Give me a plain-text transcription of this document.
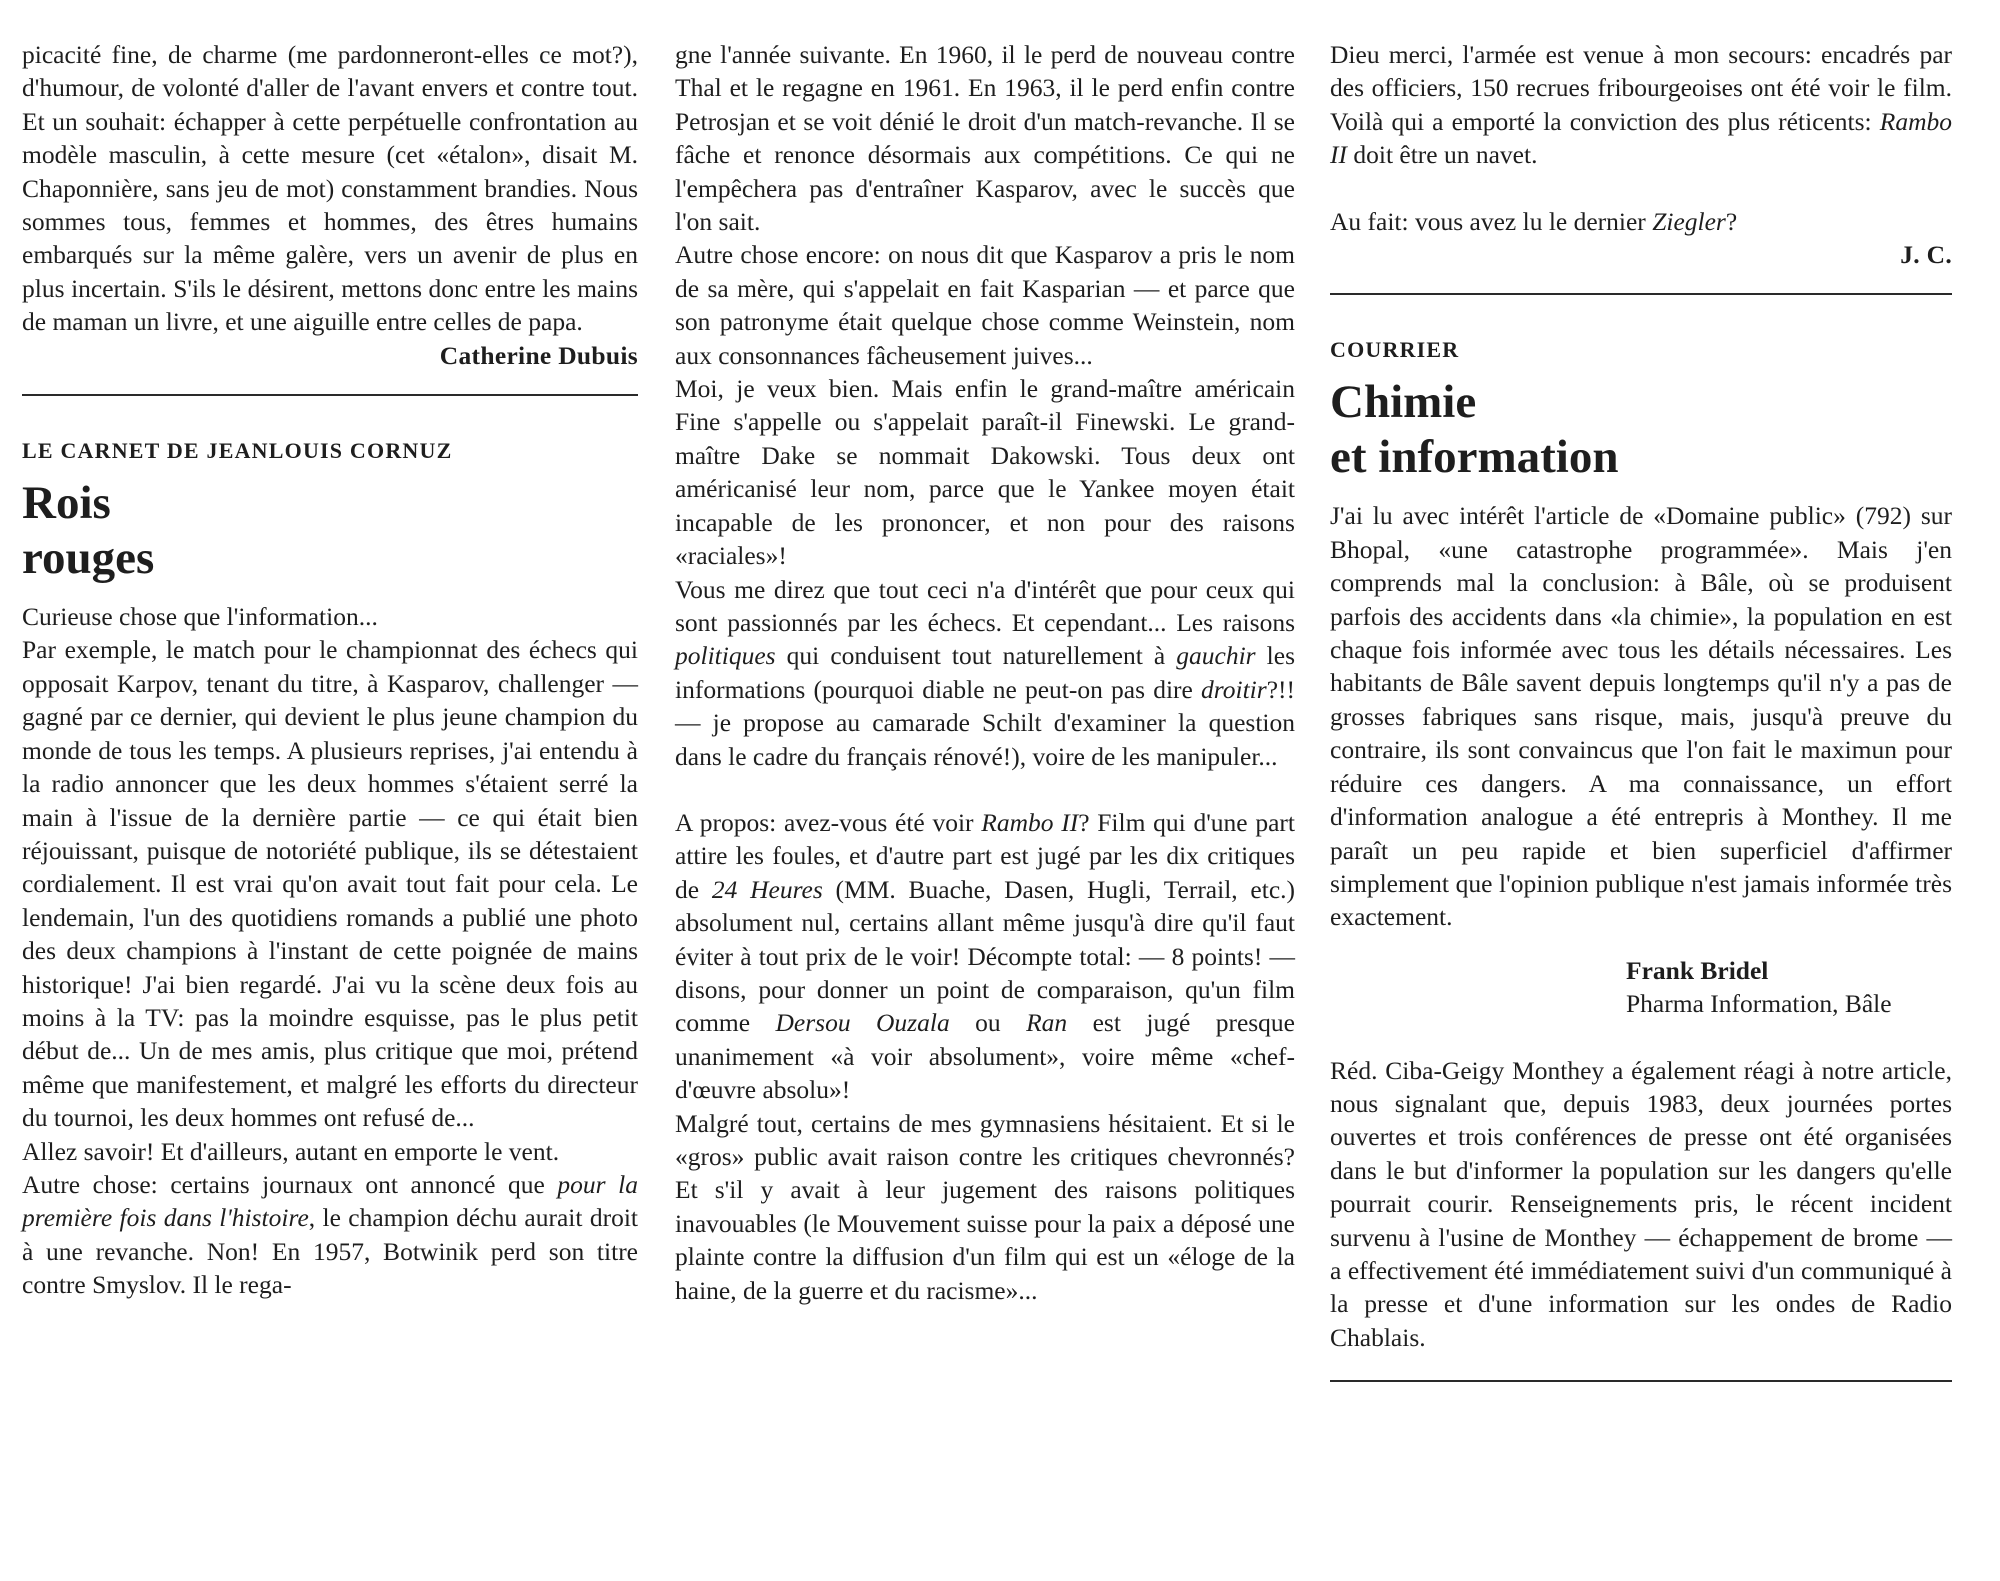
picacité fine, de charme (me pardonneront-elles ce mot?), d'humour, de volonté d'aller de l'avant envers et contre tout. Et un souhait: échapper à cette perpétuelle confrontation au modèle masculin, à cette mesure (cet «étalon», disait M. Chaponnière, sans jeu de mot) constamment brandies. Nous sommes tous, femmes et hommes, des êtres humains embarqués sur la même galère, vers un avenir de plus en plus incertain. S'ils le désirent, mettons donc entre les mains de maman un livre, et une aiguille entre celles de papa.

Catherine Dubuis

LE CARNET DE JEANLOUIS CORNUZ

Rois
rouges

Curieuse chose que l'information...

Par exemple, le match pour le championnat des échecs qui opposait Karpov, tenant du titre, à Kasparov, challenger — gagné par ce dernier, qui devient le plus jeune champion du monde de tous les temps. A plusieurs reprises, j'ai entendu à la radio annoncer que les deux hommes s'étaient serré la main à l'issue de la dernière partie — ce qui était bien réjouissant, puisque de notoriété publique, ils se détestaient cordialement. Il est vrai qu'on avait tout fait pour cela. Le lendemain, l'un des quotidiens romands a publié une photo des deux champions à l'instant de cette poignée de mains historique! J'ai bien regardé. J'ai vu la scène deux fois au moins à la TV: pas la moindre esquisse, pas le plus petit début de... Un de mes amis, plus critique que moi, prétend même que manifestement, et malgré les efforts du directeur du tournoi, les deux hommes ont refusé de...

Allez savoir! Et d'ailleurs, autant en emporte le vent.

Autre chose: certains journaux ont annoncé que pour la première fois dans l'histoire, le champion déchu aurait droit à une revanche. Non! En 1957, Botwinik perd son titre contre Smyslov. Il le rega-

gne l'année suivante. En 1960, il le perd de nouveau contre Thal et le regagne en 1961. En 1963, il le perd enfin contre Petrosjan et se voit dénié le droit d'un match-revanche. Il se fâche et renonce désormais aux compétitions. Ce qui ne l'empêchera pas d'entraîner Kasparov, avec le succès que l'on sait.

Autre chose encore: on nous dit que Kasparov a pris le nom de sa mère, qui s'appelait en fait Kasparian — et parce que son patronyme était quelque chose comme Weinstein, nom aux consonnances fâcheusement juives...

Moi, je veux bien. Mais enfin le grand-maître américain Fine s'appelle ou s'appelait paraît-il Finewski. Le grand-maître Dake se nommait Dakowski. Tous deux ont américanisé leur nom, parce que le Yankee moyen était incapable de les prononcer, et non pour des raisons «raciales»!

Vous me direz que tout ceci n'a d'intérêt que pour ceux qui sont passionnés par les échecs. Et cependant... Les raisons politiques qui conduisent tout naturellement à gauchir les informations (pourquoi diable ne peut-on pas dire droitir?!! — je propose au camarade Schilt d'examiner la question dans le cadre du français rénové!), voire de les manipuler...

A propos: avez-vous été voir Rambo II? Film qui d'une part attire les foules, et d'autre part est jugé par les dix critiques de 24 Heures (MM. Buache, Dasen, Hugli, Terrail, etc.) absolument nul, certains allant même jusqu'à dire qu'il faut éviter à tout prix de le voir! Décompte total: — 8 points! — disons, pour donner un point de comparaison, qu'un film comme Dersou Ouzala ou Ran est jugé presque unanimement «à voir absolument», voire même «chef-d'œuvre absolu»!

Malgré tout, certains de mes gymnasiens hésitaient. Et si le «gros» public avait raison contre les critiques chevronnés? Et s'il y avait à leur jugement des raisons politiques inavouables (le Mouvement suisse pour la paix a déposé une plainte contre la diffusion d'un film qui est un «éloge de la haine, de la guerre et du racisme»...

Dieu merci, l'armée est venue à mon secours: encadrés par des officiers, 150 recrues fribourgeoises ont été voir le film. Voilà qui a emporté la conviction des plus réticents: Rambo II doit être un navet.

Au fait: vous avez lu le dernier Ziegler?

J. C.

COURRIER

Chimie
et information

J'ai lu avec intérêt l'article de «Domaine public» (792) sur Bhopal, «une catastrophe programmée». Mais j'en comprends mal la conclusion: à Bâle, où se produisent parfois des accidents dans «la chimie», la population en est chaque fois informée avec tous les détails nécessaires. Les habitants de Bâle savent depuis longtemps qu'il n'y a pas de grosses fabriques sans risque, mais, jusqu'à preuve du contraire, ils sont convaincus que l'on fait le maximun pour réduire ces dangers. A ma connaissance, un effort d'information analogue a été entrepris à Monthey. Il me paraît un peu rapide et bien superficiel d'affirmer simplement que l'opinion publique n'est jamais informée très exactement.

Frank Bridel

Pharma Information, Bâle

Réd. Ciba-Geigy Monthey a également réagi à notre article, nous signalant que, depuis 1983, deux journées portes ouvertes et trois conférences de presse ont été organisées dans le but d'informer la population sur les dangers qu'elle pourrait courir. Renseignements pris, le récent incident survenu à l'usine de Monthey — échappement de brome — a effectivement été immédiatement suivi d'un communiqué à la presse et d'une information sur les ondes de Radio Chablais.
